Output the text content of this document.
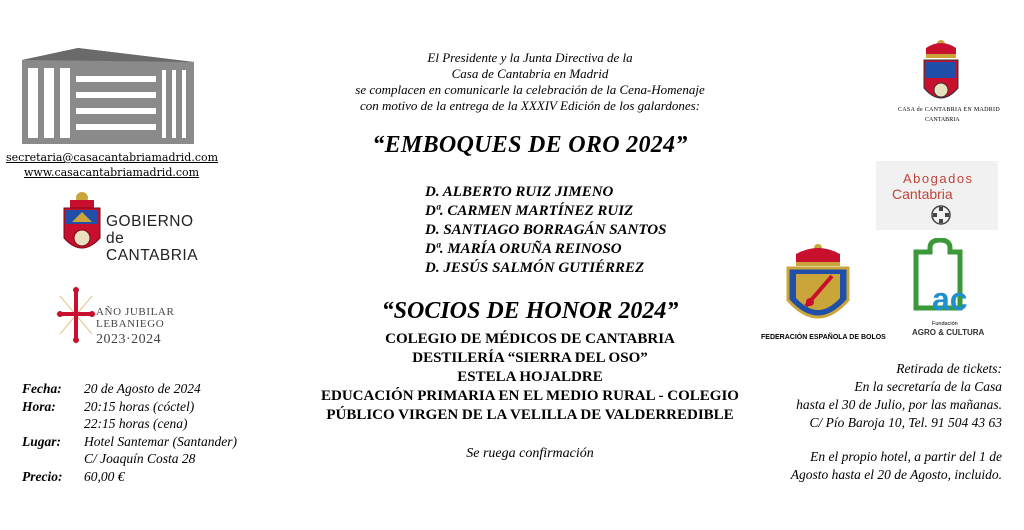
secretaria@casacantabriamadrid.com
www.casacantabriamadrid.com
GOBIERNO
de
CANTABRIA
AÑO JUBILAR
LEBANIEGO
2023·2024
El Presidente y la Junta Directiva de la
Casa de Cantabria en Madrid
se complacen en comunicarle la celebración de la Cena-Homenaje
con motivo de la entrega de la XXXIV Edición de los galardones:
“EMBOQUES DE ORO 2024”
D. ALBERTO RUIZ JIMENO
Dª. CARMEN MARTÍNEZ RUIZ
D. SANTIAGO BORRAGÁN SANTOS
Dª. MARÍA ORUÑA REINOSO
D. JESÚS SALMÓN GUTIÉRREZ
“SOCIOS DE HONOR 2024”
COLEGIO DE MÉDICOS DE CANTABRIA
DESTILERÍA “SIERRA DEL OSO”
ESTELA HOJALDRE
EDUCACIÓN PRIMARIA EN EL MEDIO RURAL - COLEGIO
PÚBLICO VIRGEN DE LA VELILLA DE VALDERREDIBLE
Se ruega confirmación
Fecha:	20 de Agosto de 2024
Hora:	20:15 horas (cóctel)
22:15 horas (cena)
Lugar:	Hotel Santemar (Santander)
C/ Joaquín Costa 28
Precio:	60,00 €
CASA de CANTABRIA EN MADRID
CANTABRIA
Abogados
Cantabria
FEDERACIÓN ESPAÑOLA DE BOLOS
ac
Fundación
AGRO & CULTURA
Retirada de tickets:
En la secretaría de la Casa
hasta el 30 de Julio, por las mañanas.
C/ Pío Baroja 10, Tel. 91 504 43 63
En el propio hotel, a partir del 1 de
Agosto hasta el 20 de Agosto, incluido.
